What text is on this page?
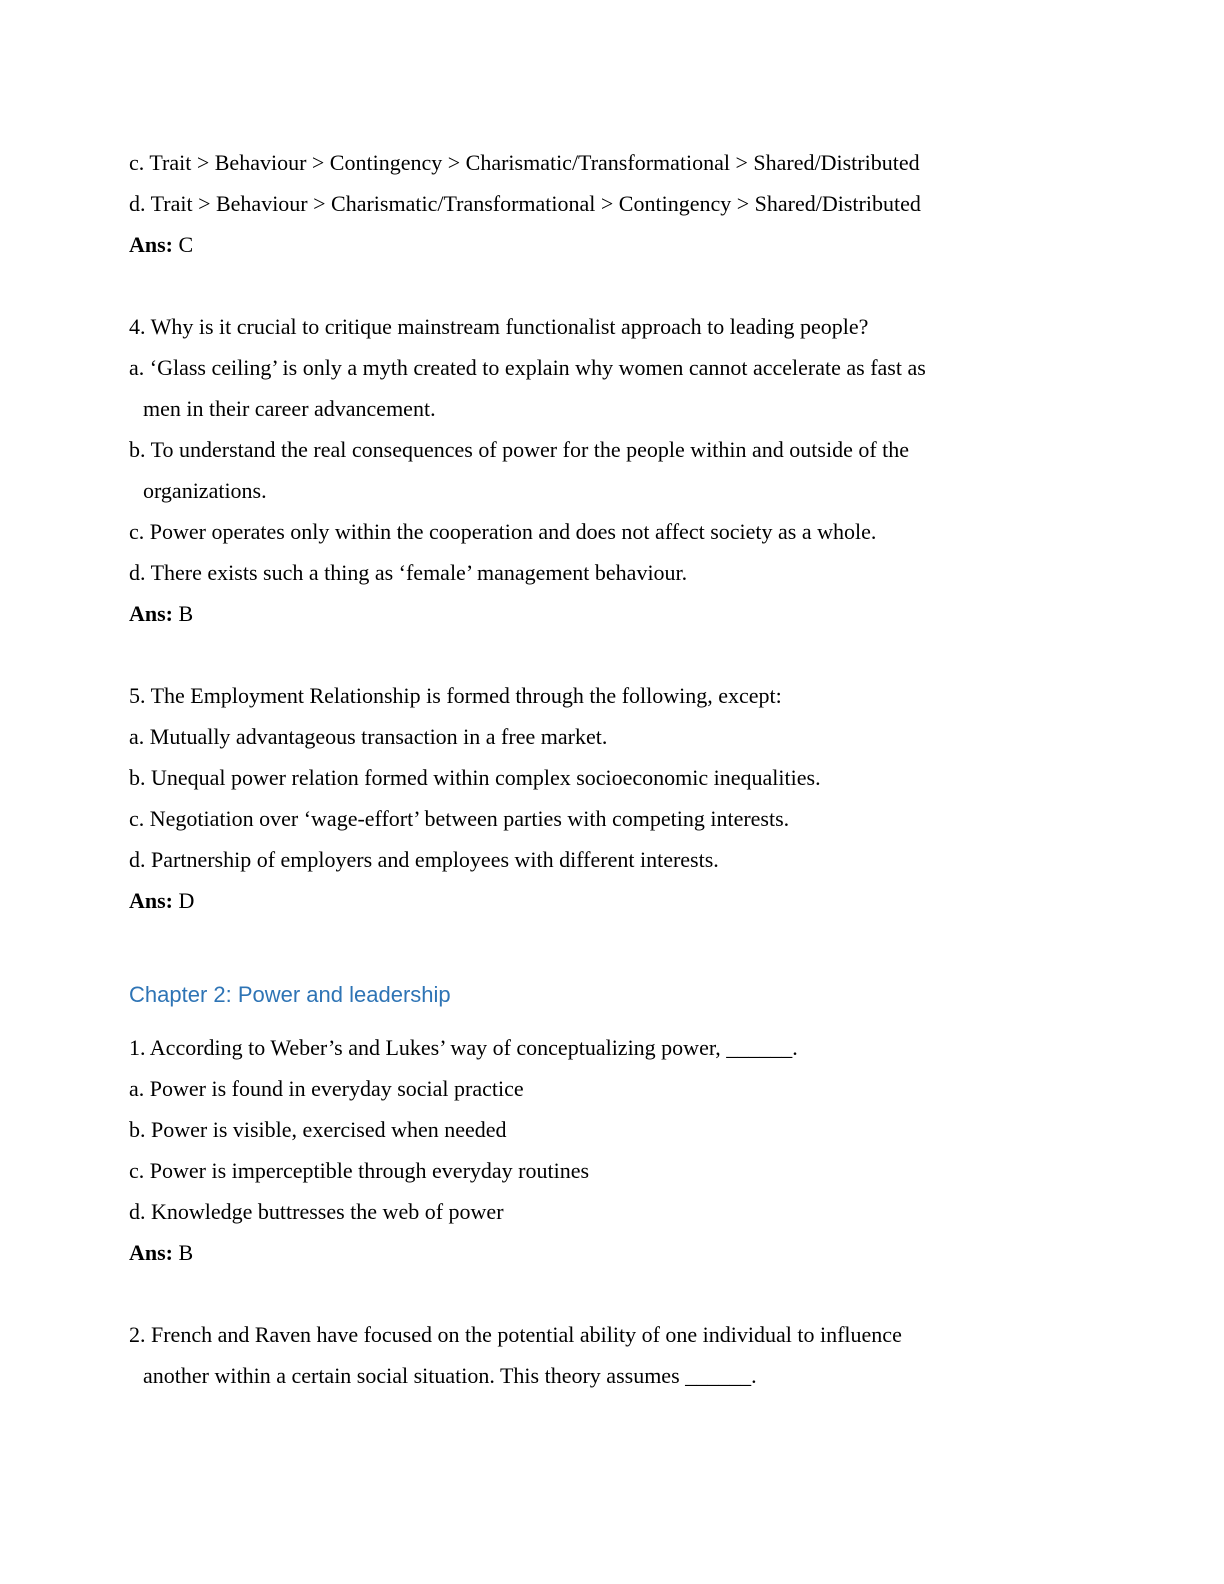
c. Trait > Behaviour > Contingency > Charismatic/Transformational > Shared/Distributed
d. Trait > Behaviour > Charismatic/Transformational > Contingency > Shared/Distributed
Ans: C
4. Why is it crucial to critique mainstream functionalist approach to leading people?
a. ‘Glass ceiling’ is only a myth created to explain why women cannot accelerate as fast as
men in their career advancement.
b. To understand the real consequences of power for the people within and outside of the
organizations.
c. Power operates only within the cooperation and does not affect society as a whole.
d. There exists such a thing as ‘female’ management behaviour.
Ans: B
5. The Employment Relationship is formed through the following, except:
a. Mutually advantageous transaction in a free market.
b. Unequal power relation formed within complex socioeconomic inequalities.
c. Negotiation over ‘wage-effort’ between parties with competing interests.
d. Partnership of employers and employees with different interests.
Ans: D
Chapter 2: Power and leadership
1. According to Weber’s and Lukes’ way of conceptualizing power, ______.
a. Power is found in everyday social practice
b. Power is visible, exercised when needed
c. Power is imperceptible through everyday routines
d. Knowledge buttresses the web of power
Ans: B
2. French and Raven have focused on the potential ability of one individual to influence
another within a certain social situation. This theory assumes ______.
